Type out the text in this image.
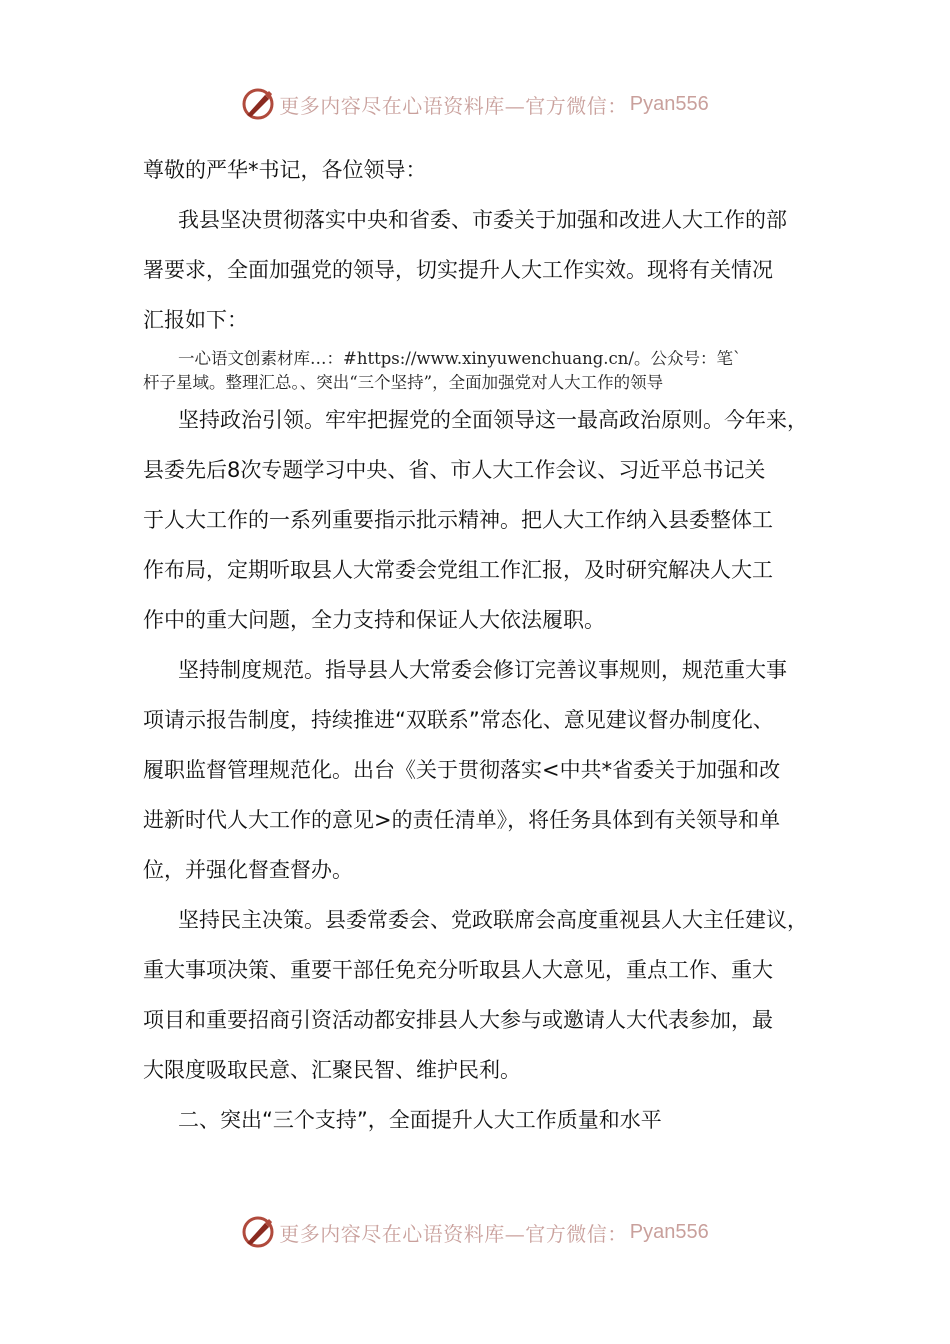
更多内容尽在心语资料库—官方微信： Pyan556
尊敬的严华*书记，各位领导：
我县坚决贯彻落实中央和省委、市委关于加强和改进人大工作的部
署要求，全面加强党的领导，切实提升人大工作实效。现将有关情况
汇报如下：
一心语文创素材库…：#https://www.xinyuwenchuang.cn/。公众号：笔`
杆子星域。整理汇总。、突出“三个坚持”，全面加强党对人大工作的领导
坚持政治引领。牢牢把握党的全面领导这一最高政治原则。今年来，
县委先后8次专题学习中央、省、市人大工作会议、习近平总书记关
于人大工作的一系列重要指示批示精神。把人大工作纳入县委整体工
作布局，定期听取县人大常委会党组工作汇报，及时研究解决人大工
作中的重大问题，全力支持和保证人大依法履职。
坚持制度规范。指导县人大常委会修订完善议事规则，规范重大事
项请示报告制度，持续推进“双联系”常态化、意见建议督办制度化、
履职监督管理规范化。出台《关于贯彻落实<中共*省委关于加强和改
进新时代人大工作的意见>的责任清单》，将任务具体到有关领导和单
位，并强化督查督办。
坚持民主决策。县委常委会、党政联席会高度重视县人大主任建议，
重大事项决策、重要干部任免充分听取县人大意见，重点工作、重大
项目和重要招商引资活动都安排县人大参与或邀请人大代表参加，最
大限度吸取民意、汇聚民智、维护民利。
二、突出“三个支持”，全面提升人大工作质量和水平
更多内容尽在心语资料库—官方微信： Pyan556
